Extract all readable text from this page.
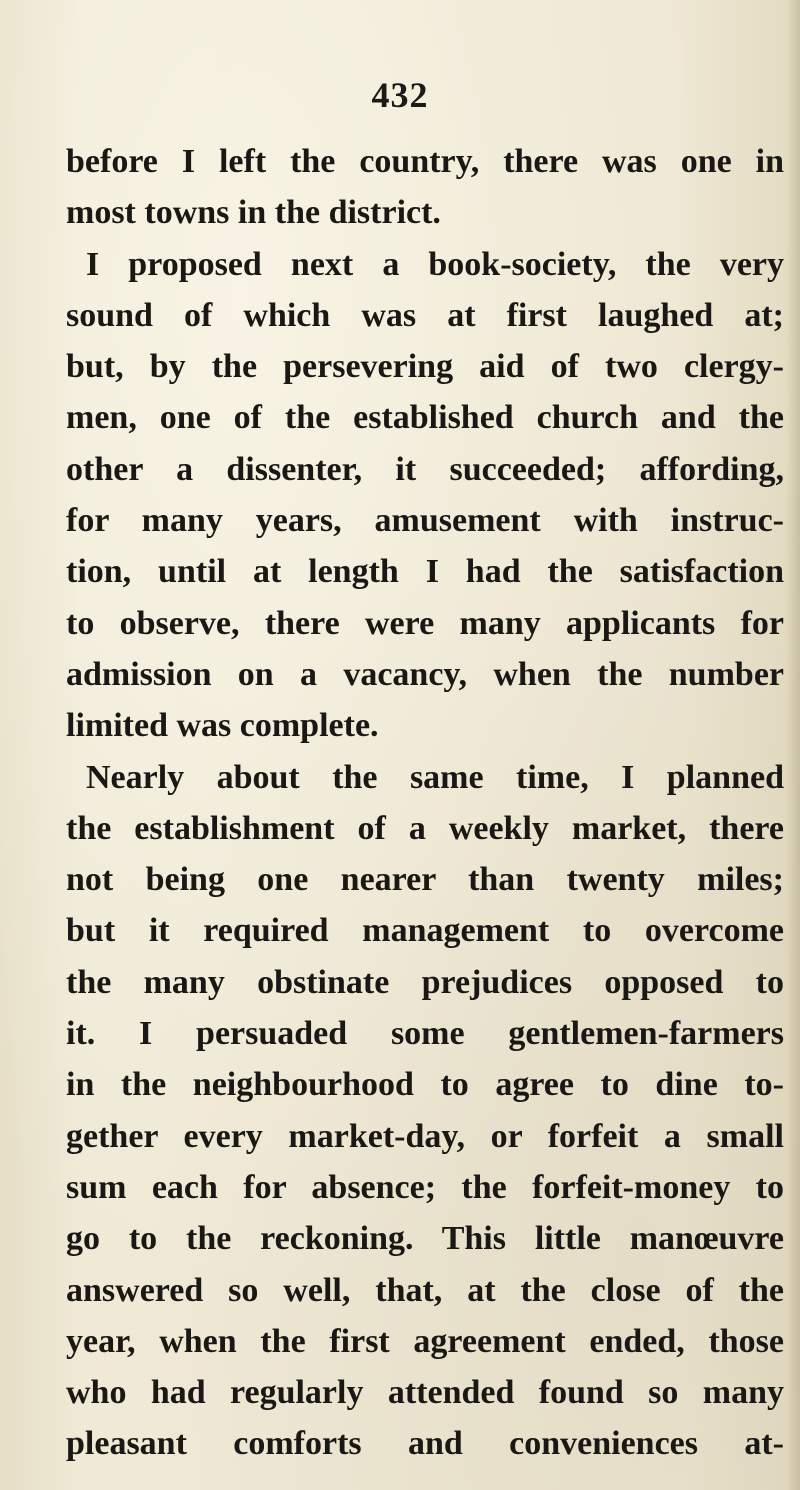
432
before I left the country, there was one in
most towns in the district.
I proposed next a book-society, the very
sound of which was at first laughed at;
but, by the persevering aid of two clergy-
men, one of the established church and the
other a dissenter, it succeeded; affording,
for many years, amusement with instruc-
tion, until at length I had the satisfaction
to observe, there were many applicants for
admission on a vacancy, when the number
limited was complete.
Nearly about the same time, I planned
the establishment of a weekly market, there
not being one nearer than twenty miles;
but it required management to overcome
the many obstinate prejudices opposed to
it. I persuaded some gentlemen-farmers
in the neighbourhood to agree to dine to-
gether every market-day, or forfeit a small
sum each for absence; the forfeit-money to
go to the reckoning. This little manœuvre
answered so well, that, at the close of the
year, when the first agreement ended, those
who had regularly attended found so many
pleasant comforts and conveniences at-
